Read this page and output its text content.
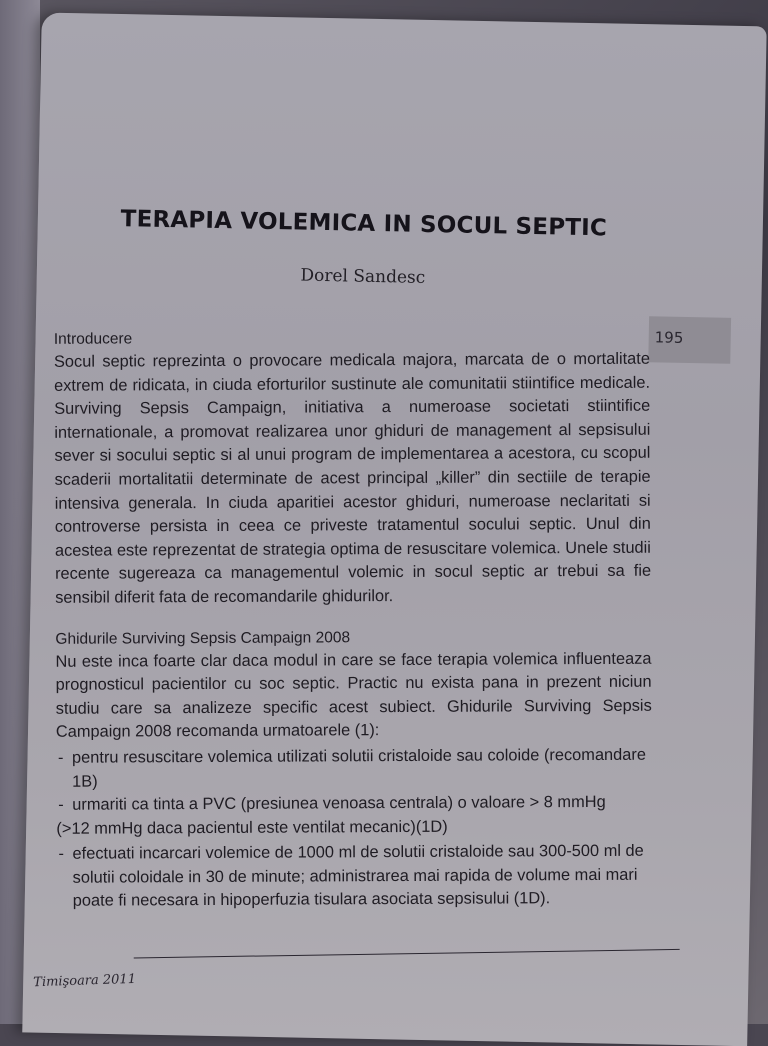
195
TERAPIA VOLEMICA IN SOCUL SEPTIC
Dorel Sandesc
Introducere

Socul septic reprezinta o provocare medicala majora, marcata de o mortalitate extrem de ridicata, in ciuda eforturilor sustinute ale comunitatii stiintifice medicale. Surviving Sepsis Campaign, initiativa a numeroase societati stiintifice internationale, a promovat realizarea unor ghiduri de management al sepsisului sever si socului septic si al unui program de implementarea a acestora, cu scopul scaderii mortalitatii determinate de acest principal „killer” din sectiile de terapie intensiva generala. In ciuda aparitiei acestor ghiduri, numeroase neclaritati si controverse persista in ceea ce priveste tratamentul socului septic. Unul din acestea este reprezentat de strategia optima de resuscitare volemica. Unele studii recente sugereaza ca managementul volemic in socul septic ar trebui sa fie sensibil diferit fata de recomandarile ghidurilor.

Ghidurile Surviving Sepsis Campaign 2008

Nu este inca foarte clar daca modul in care se face terapia volemica influenteaza prognosticul pacientilor cu soc septic. Practic nu exista pana in prezent niciun studiu care sa analizeze specific acest subiect. Ghidurile Surviving Sepsis Campaign 2008 recomanda urmatoarele (1):

- pentru resuscitare volemica utilizati solutii cristaloide sau coloide (recomandare 1B)
- urmariti ca tinta a PVC (presiunea venoasa centrala) o valoare > 8 mmHg
(>12 mmHg daca pacientul este ventilat mecanic)(1D)
- efectuati incarcari volemice de 1000 ml de solutii cristaloide sau 300-500 ml de solutii coloidale in 30 de minute; administrarea mai rapida de volume mai mari poate fi necesara in hipoperfuzia tisulara asociata sepsisului (1D).
Timişoara 2011
